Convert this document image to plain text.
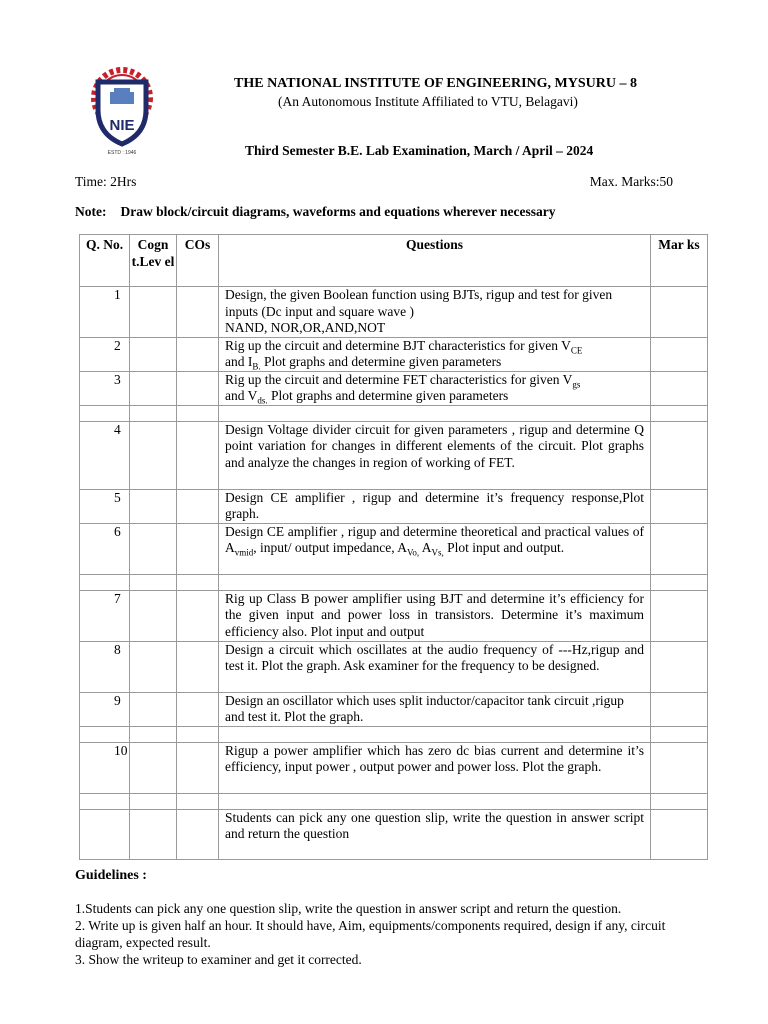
NIE
ESTD : 1946
THE NATIONAL INSTITUTE OF ENGINEERING, MYSURU – 8
(An Autonomous Institute Affiliated to VTU, Belagavi)
Third Semester B.E. Lab Examination, March / April – 2024
Time: 2Hrs	Max. Marks:50
Note: Draw block/circuit diagrams, waveforms and equations wherever necessary
Q. No.	Cogn t.Lev el	COs	Questions	Mar ks

1			Design, the given Boolean function using BJTs, rigup and test for given inputs (Dc input and square wave )
NAND, NOR,OR,AND,NOT	

2			Rig up the circuit and determine BJT characteristics for given $V_{CE}$
and $I_{B.}$ Plot graphs and determine given parameters	

3			Rig up the circuit and determine FET characteristics for given $V_{gs}$
and $V_{ds.}$ Plot graphs and determine given parameters	

4			Design Voltage divider circuit for given parameters , rigup and determine Q point variation for changes in different elements of the circuit. Plot graphs and analyze the changes in region of working of FET.	

5			Design CE amplifier , rigup and determine it’s frequency response,Plot graph.	

6			Design CE amplifier , rigup and determine theoretical and practical values of $A_{vmid}$, input/ output impedance, $A_{Vo,}$ $A_{Vs,}$ Plot input and output.	

7			Rig up Class B power amplifier using BJT and determine it’s efficiency for the given input and power loss in transistors. Determine it’s maximum efficiency also. Plot input and output	

8			Design a circuit which oscillates at the audio frequency of ---Hz,rigup and test it. Plot the graph. Ask examiner for the frequency to be designed.	

9			Design an oscillator which uses split inductor/capacitor tank circuit ,rigup and test it. Plot the graph.	

10			Rigup a power amplifier which has zero dc bias current and determine it’s efficiency, input power , output power and power loss. Plot the graph.	

			Students can pick any one question slip, write the question in answer script and return the question	
Guidelines :

1.Students can pick any one question slip, write the question in answer script and return the question.

2. Write up is given half an hour. It should have, Aim, equipments/components required, design if any, circuit diagram, expected result.

3. Show the writeup to examiner and get it corrected.
